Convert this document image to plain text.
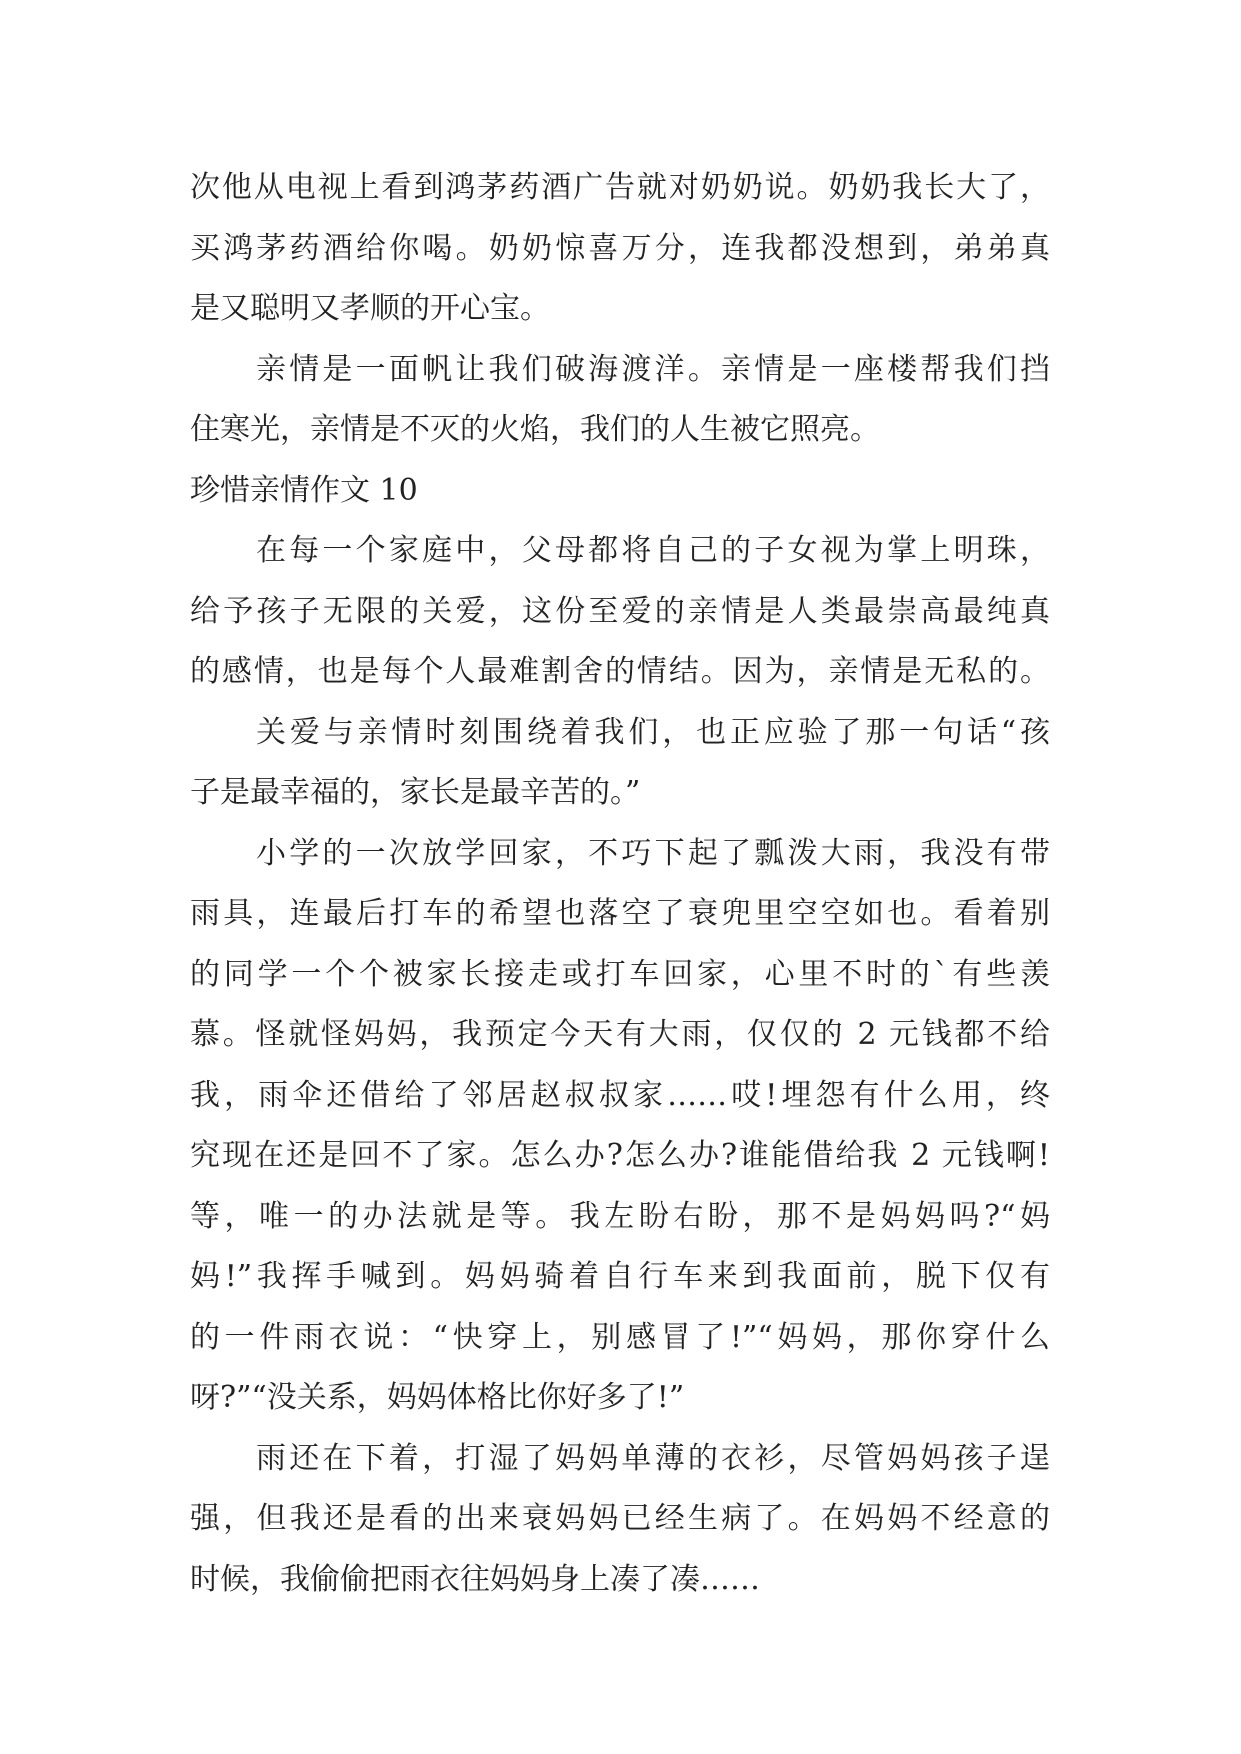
次他从电视上看到鸿茅药酒广告就对奶奶说。奶奶我长大了，
买鸿茅药酒给你喝。奶奶惊喜万分，连我都没想到，弟弟真
是又聪明又孝顺的开心宝。
亲情是一面帆让我们破海渡洋。亲情是一座楼帮我们挡
住寒光，亲情是不灭的火焰，我们的人生被它照亮。
珍惜亲情作文 10
在每一个家庭中，父母都将自己的子女视为掌上明珠，
给予孩子无限的关爱，这份至爱的亲情是人类最崇高最纯真
的感情，也是每个人最难割舍的情结。因为，亲情是无私的。
关爱与亲情时刻围绕着我们，也正应验了那一句话“孩
子是最幸福的，家长是最辛苦的。”
小学的一次放学回家，不巧下起了瓢泼大雨，我没有带
雨具，连最后打车的希望也落空了衰兜里空空如也。看着别
的同学一个个被家长接走或打车回家，心里不时的`有些羡
慕。怪就怪妈妈，我预定今天有大雨，仅仅的 2 元钱都不给
我，雨伞还借给了邻居赵叔叔家……哎!埋怨有什么用，终
究现在还是回不了家。怎么办?怎么办?谁能借给我 2 元钱啊!
等，唯一的办法就是等。我左盼右盼，那不是妈妈吗?“妈
妈!”我挥手喊到。妈妈骑着自行车来到我面前，脱下仅有
的一件雨衣说：“快穿上，别感冒了!”“妈妈，那你穿什么
呀?”“没关系，妈妈体格比你好多了!”
雨还在下着，打湿了妈妈单薄的衣衫，尽管妈妈孩子逞
强，但我还是看的出来衰妈妈已经生病了。在妈妈不经意的
时候，我偷偷把雨衣往妈妈身上凑了凑……
